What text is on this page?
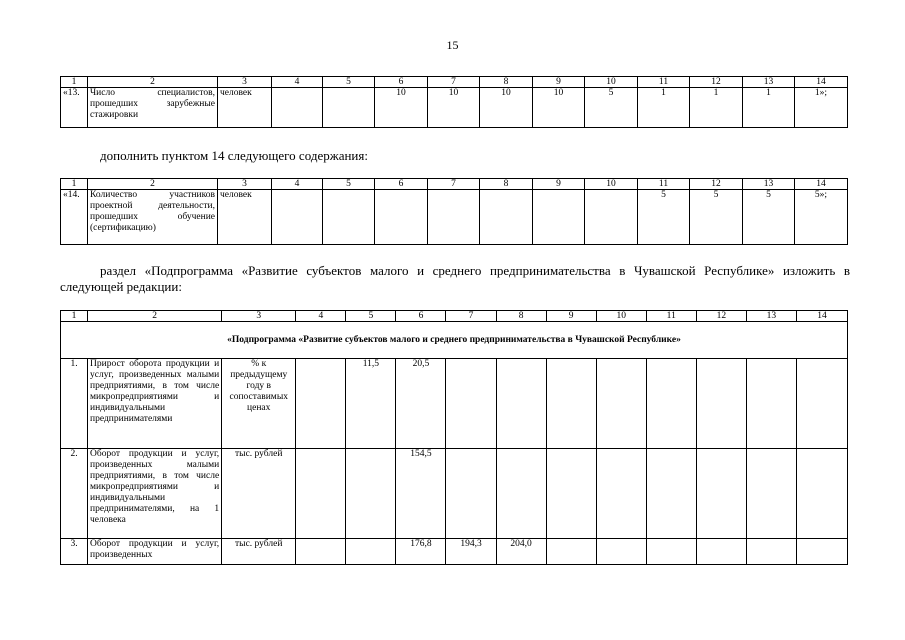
15
1	2	3	4	5	6	7	8	9	10	11	12	13	14
«13.	Число специалистов, прошедших зарубежные стажировки	человек			10	10	10	10	5	1	1	1	1»;
дополнить пунктом 14 следующего содержания:
1	2	3	4	5	6	7	8	9	10	11	12	13	14
«14.	Количество участников проектной деятельности, прошедших обучение (сертификацию)	человек								5	5	5	5»;
раздел «Подпрограмма «Развитие субъектов малого и среднего предпринимательства в Чувашской Республике» изложить в следующей редакции:
1	2	3	4	5	6	7	8	9	10	11	12	13	14
«Подпрограмма «Развитие субъектов малого и среднего предпринимательства в Чувашской Республике»													
1.	Прирост оборота продукции и услуг, произведенных малыми предприятиями, в том числе микропредприятиями и индивидуальными предпринимателями	% к предыдущему году в сопоставимых ценах		11,5	20,5								
2.	Оборот продукции и услуг, произведенных малыми предприятиями, в том числе микропредприятиями и индивидуальными предпринимателями, на 1 человека	тыс. рублей			154,5								
3.	Оборот продукции и услуг, произведенных	тыс. рублей			176,8	194,3	204,0						
